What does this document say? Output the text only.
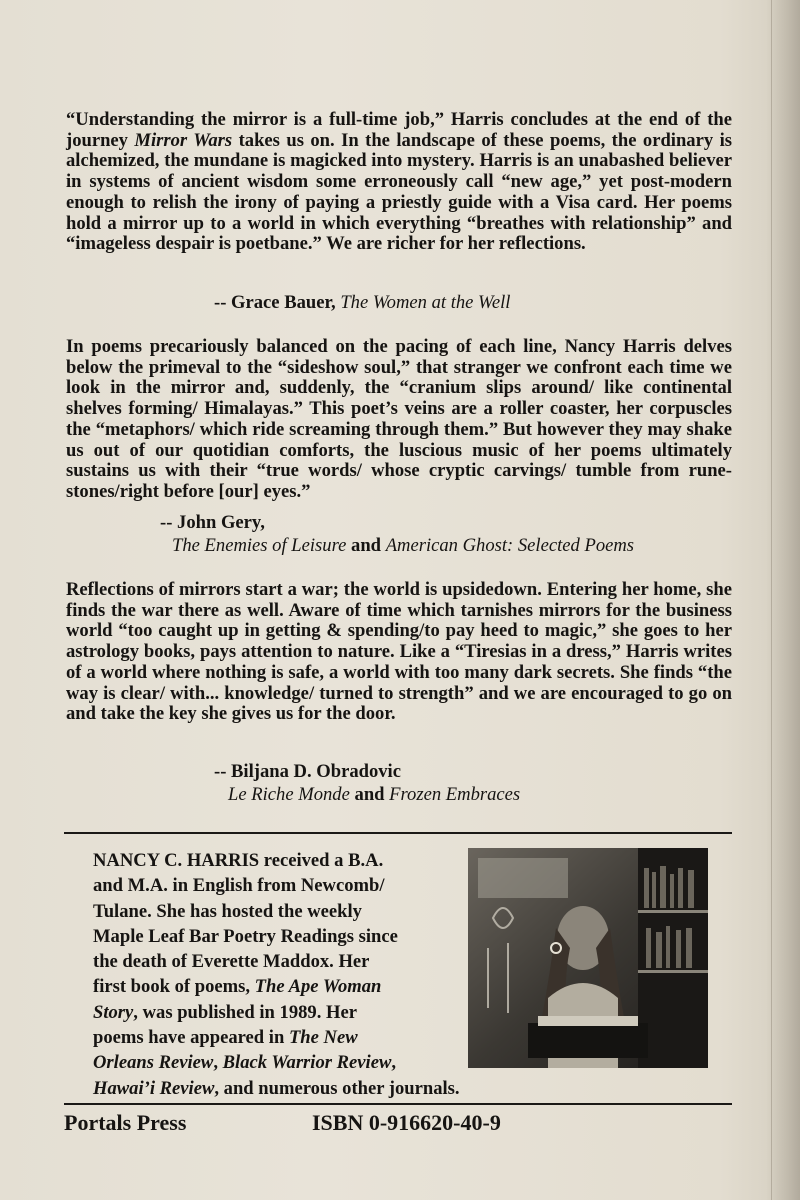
“Understanding the mirror is a full-time job,” Harris concludes at the end of the journey Mirror Wars takes us on. In the landscape of these poems, the ordinary is alchemized, the mundane is magicked into mystery. Harris is an unabashed believer in systems of ancient wisdom some erroneously call “new age,” yet post-modern enough to relish the irony of paying a priestly guide with a Visa card. Her poems hold a mirror up to a world in which everything “breathes with relationship” and “imageless despair is poetbane.” We are richer for her reflections.

-- Grace Bauer, The Women at the Well

In poems precariously balanced on the pacing of each line, Nancy Harris delves below the primeval to the “sideshow soul,” that stranger we confront each time we look in the mirror and, suddenly, the “cranium slips around/ like continental shelves forming/ Himalayas.” This poet’s veins are a roller coaster, her corpuscles the “metaphors/ which ride screaming through them.” But however they may shake us out of our quotidian comforts, the luscious music of her poems ultimately sustains us with their “true words/ whose cryptic carvings/ tumble from rune-stones/right before [our] eyes.”

-- John Gery,
The Enemies of Leisure and American Ghost: Selected Poems

Reflections of mirrors start a war; the world is upsidedown. Entering her home, she finds the war there as well. Aware of time which tarnishes mirrors for the business world “too caught up in getting & spending/to pay heed to magic,” she goes to her astrology books, pays attention to nature. Like a “Tiresias in a dress,” Harris writes of a world where nothing is safe, a world with too many dark secrets. She finds “the way is clear/ with... knowledge/ turned to strength” and we are encouraged to go on and take the key she gives us for the door.

-- Biljana D. Obradovic
Le Riche Monde and Frozen Embraces

NANCY C. HARRIS received a B.A.
and M.A. in English from Newcomb/
Tulane. She has hosted the weekly
Maple Leaf Bar Poetry Readings since
the death of Everette Maddox. Her
first book of poems, The Ape Woman
Story, was published in 1989. Her
poems have appeared in The New
Orleans Review, Black Warrior Review,
Hawai’i Review, and numerous other journals.

Portals Press	ISBN 0-916620-40-9
